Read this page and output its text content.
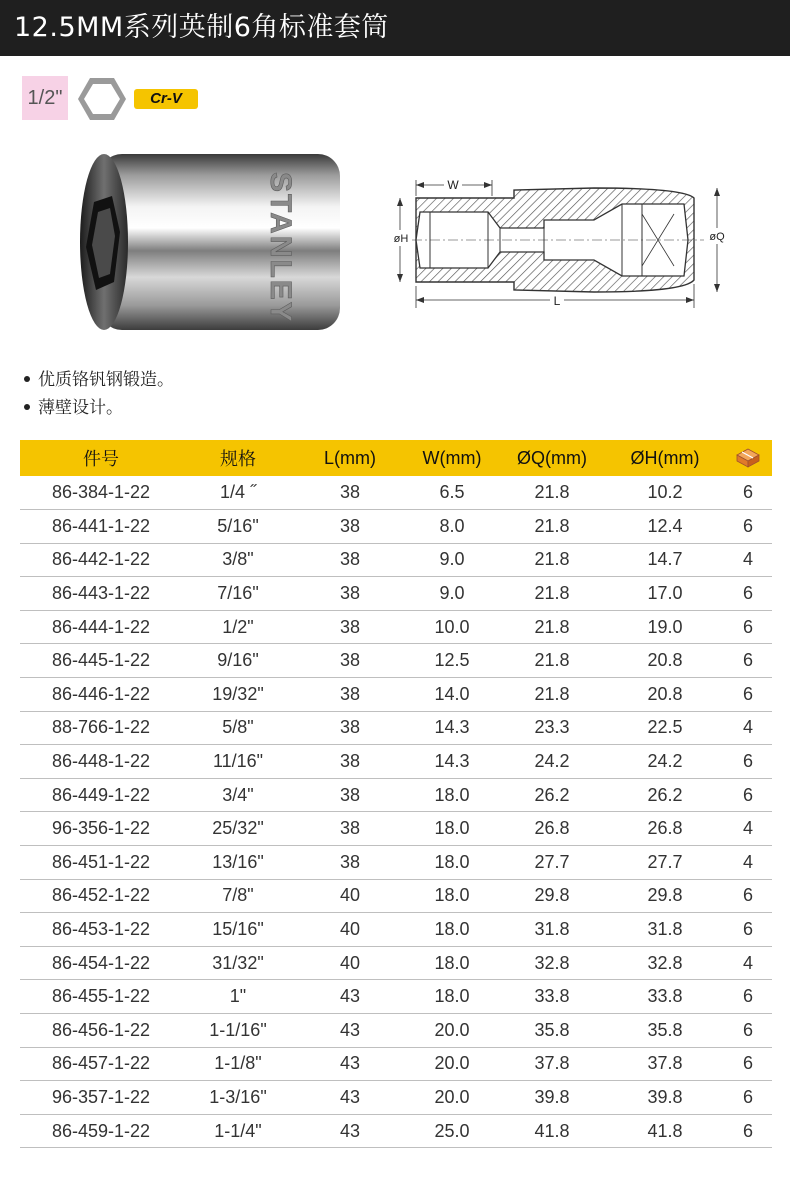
12.5MM系列英制6角标准套筒
1/2"	Cr-V
STANLEY	W
øH	øQ
L
优质铬钒钢锻造。
薄壁设计。
件号	规格	L(mm)	W(mm)	ØQ(mm)	ØH(mm)	
86-384-1-22	1/4 ˝	38	6.5	21.8	10.2	6
86-441-1-22	5/16"	38	8.0	21.8	12.4	6
86-442-1-22	3/8"	38	9.0	21.8	14.7	4
86-443-1-22	7/16"	38	9.0	21.8	17.0	6
86-444-1-22	1/2"	38	10.0	21.8	19.0	6
86-445-1-22	9/16"	38	12.5	21.8	20.8	6
86-446-1-22	19/32"	38	14.0	21.8	20.8	6
88-766-1-22	5/8"	38	14.3	23.3	22.5	4
86-448-1-22	11/16"	38	14.3	24.2	24.2	6
86-449-1-22	3/4"	38	18.0	26.2	26.2	6
96-356-1-22	25/32"	38	18.0	26.8	26.8	4
86-451-1-22	13/16"	38	18.0	27.7	27.7	4
86-452-1-22	7/8"	40	18.0	29.8	29.8	6
86-453-1-22	15/16"	40	18.0	31.8	31.8	6
86-454-1-22	31/32"	40	18.0	32.8	32.8	4
86-455-1-22	1"	43	18.0	33.8	33.8	6
86-456-1-22	1-1/16"	43	20.0	35.8	35.8	6
86-457-1-22	1-1/8"	43	20.0	37.8	37.8	6
96-357-1-22	1-3/16"	43	20.0	39.8	39.8	6
86-459-1-22	1-1/4"	43	25.0	41.8	41.8	6
